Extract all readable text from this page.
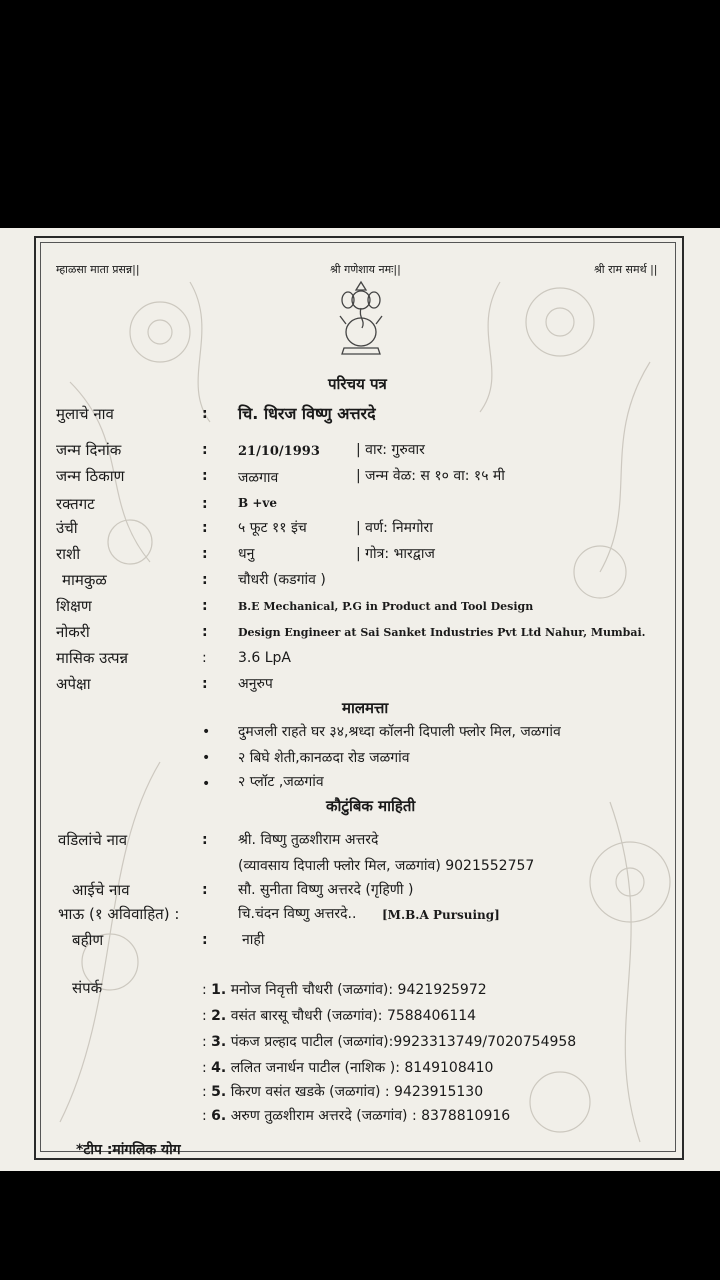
म्हाळसा माता प्रसन्न||	श्री गणेशाय नमः||	श्री राम समर्थ ||
परिचय पत्र
मुलाचे नाव	: चि. धिरज विष्णु अत्तरदे
जन्म दिनांक	: 21/10/1993	| वार: गुरुवार
जन्म ठिकाण	: जळगाव	| जन्म वेळ: स १० वा: १५ मी
रक्तगट	:	B +ve
उंची	: ५ फूट ११ इंच	| वर्ण: निमगोरा
राशी	: धनु	| गोत्र: भारद्वाज
मामकुळ	: चौधरी (कडगांव )
शिक्षण	:	B.E Mechanical, P.G in Product and Tool Design
नोकरी	:	Design Engineer at Sai Sanket Industries Pvt Ltd Nahur, Mumbai.
मासिक उत्पन्न	: 3.6 LpA
अपेक्षा	: अनुरुप
मालमत्ता
• दुमजली राहते घर ३४,श्रध्दा कॉलनी दिपाली फ्लोर मिल, जळगांव
• २ बिघे शेती,कानळदा रोड जळगांव
• २ प्लॉट ,जळगांव
कौटुंबिक माहिती
वडिलांचे नाव	: श्री. विष्णु तुळशीराम अत्तरदे
(व्यावसाय दिपाली फ्लोर मिल, जळगांव) 9021552757
आईचे नाव	: सौ. सुनीता विष्णु अत्तरदे (गृहिणी )
भाऊ (१ अविवाहित) :	चि.चंदन विष्णु अत्तरदे.. [M.B.A Pursuing]
बहीण	: नाही
संपर्क	: 1. मनोज निवृत्ती चौधरी (जळगांव): 9421925972
: 2. वसंत बारसू चौधरी (जळगांव): 7588406114
: 3. पंकज प्रल्हाद पाटील (जळगांव):9923313749/7020754958
: 4. ललित जनार्धन पाटील (नाशिक ): 8149108410
: 5. किरण वसंत खडके (जळगांव) : 9423915130
: 6. अरुण तुळशीराम अत्तरदे (जळगांव) : 8378810916
*टीप :मांगलिक योग
